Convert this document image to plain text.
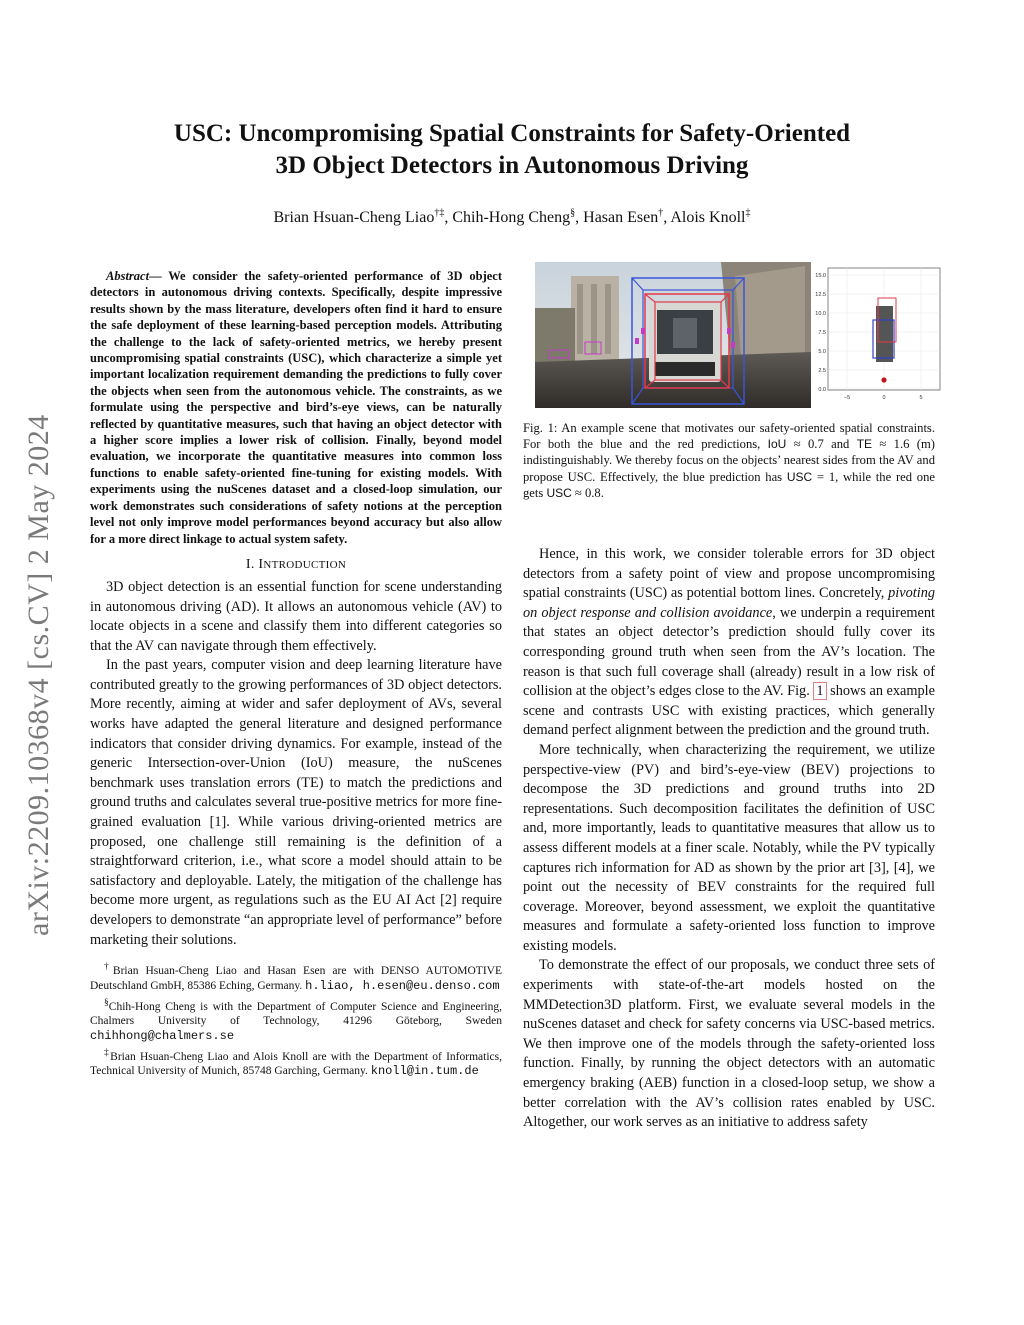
arXiv:2209.10368v4 [cs.CV] 2 May 2024
USC: Uncompromising Spatial Constraints for Safety-Oriented
3D Object Detectors in Autonomous Driving
Brian Hsuan-Cheng Liao†‡, Chih-Hong Cheng§, Hasan Esen†, Alois Knoll‡

Abstract— We consider the safety-oriented performance of 3D object detectors in autonomous driving contexts. Specifically, despite impressive results shown by the mass literature, developers often find it hard to ensure the safe deployment of these learning-based perception models. Attributing the challenge to the lack of safety-oriented metrics, we hereby present uncompromising spatial constraints (USC), which characterize a simple yet important localization requirement demanding the predictions to fully cover the objects when seen from the autonomous vehicle. The constraints, as we formulate using the perspective and bird’s-eye views, can be naturally reflected by quantitative measures, such that having an object detector with a higher score implies a lower risk of collision. Finally, beyond model evaluation, we incorporate the quantitative measures into common loss functions to enable safety-oriented fine-tuning for existing models. With experiments using the nuScenes dataset and a closed-loop simulation, our work demonstrates such considerations of safety notions at the perception level not only improve model performances beyond accuracy but also allow for a more direct linkage to actual system safety.

I. INTRODUCTION

3D object detection is an essential function for scene understanding in autonomous driving (AD). It allows an autonomous vehicle (AV) to locate objects in a scene and classify them into different categories so that the AV can navigate through them effectively.

In the past years, computer vision and deep learning literature have contributed greatly to the growing performances of 3D object detectors. More recently, aiming at wider and safer deployment of AVs, several works have adapted the general literature and designed performance indicators that consider driving dynamics. For example, instead of the generic Intersection-over-Union (IoU) measure, the nuScenes benchmark uses translation errors (TE) to match the predictions and ground truths and calculates several true-positive metrics for more fine-grained evaluation [1]. While various driving-oriented metrics are proposed, one challenge still remaining is the definition of a straightforward criterion, i.e., what score a model should attain to be satisfactory and deployable. Lately, the mitigation of the challenge has become more urgent, as regulations such as the EU AI Act [2] require developers to demonstrate “an appropriate level of performance” before marketing their solutions.

†Brian Hsuan-Cheng Liao and Hasan Esen are with DENSO AUTOMOTIVE Deutschland GmbH, 85386 Eching, Germany. h.liao, h.esen@eu.denso.com

§Chih-Hong Cheng is with the Department of Computer Science and Engineering, Chalmers University of Technology, 41296 Göteborg, Sweden chihhong@chalmers.se

‡Brian Hsuan-Cheng Liao and Alois Knoll are with the Department of Informatics, Technical University of Munich, 85748 Garching, Germany. knoll@in.tum.de

15.0
12.5
10.0
7.5
5.0
2.5
0.0
−5	0	5

Fig. 1: An example scene that motivates our safety-oriented spatial constraints. For both the blue and the red predictions, IoU ≈ 0.7 and TE ≈ 1.6 (m) indistinguishably. We thereby focus on the objects’ nearest sides from the AV and propose USC. Effectively, the blue prediction has USC = 1, while the red one gets USC ≈ 0.8.

Hence, in this work, we consider tolerable errors for 3D object detectors from a safety point of view and propose uncompromising spatial constraints (USC) as potential bottom lines. Concretely, pivoting on object response and collision avoidance, we underpin a requirement that states an object detector’s prediction should fully cover its corresponding ground truth when seen from the AV’s location. The reason is that such full coverage shall (already) result in a low risk of collision at the object’s edges close to the AV. Fig. 1 shows an example scene and contrasts USC with existing practices, which generally demand perfect alignment between the prediction and the ground truth.

More technically, when characterizing the requirement, we utilize perspective-view (PV) and bird’s-eye-view (BEV) projections to decompose the 3D predictions and ground truths into 2D representations. Such decomposition facilitates the definition of USC and, more importantly, leads to quantitative measures that allow us to assess different models at a finer scale. Notably, while the PV typically captures rich information for AD as shown by the prior art [3], [4], we point out the necessity of BEV constraints for the required full coverage. Moreover, beyond assessment, we exploit the quantitative measures and formulate a safety-oriented loss function to improve existing models.

To demonstrate the effect of our proposals, we conduct three sets of experiments with state-of-the-art models hosted on the MMDetection3D platform. First, we evaluate several models in the nuScenes dataset and check for safety concerns via USC-based metrics. We then improve one of the models through the safety-oriented loss function. Finally, by running the object detectors with an automatic emergency braking (AEB) function in a closed-loop setup, we show a better correlation with the AV’s collision rates enabled by USC. Altogether, our work serves as an initiative to address safety
